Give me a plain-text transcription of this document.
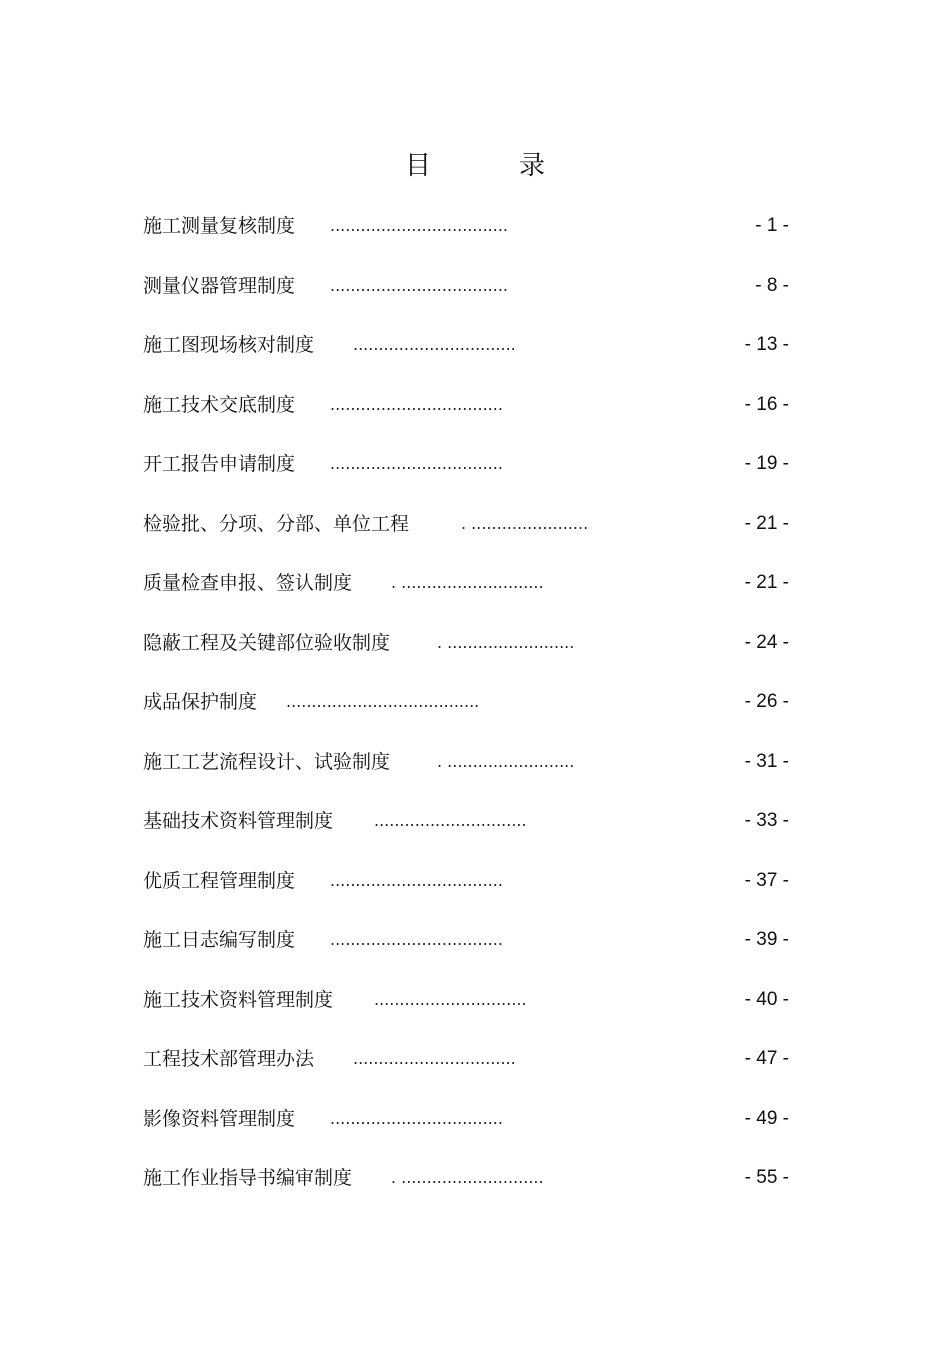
目	录
施工测量复核制度 ...................................	- 1 -
测量仪器管理制度 ...................................	- 8 -
施工图现场核对制度 ................................	- 13 -
施工技术交底制度 ..................................	- 16 -
开工报告申请制度 ..................................	- 19 -
检验批、分项、分部、单位工程	. .......................	- 21 -
质量检查申报、签认制度 . ............................	- 21 -
隐蔽工程及关键部位验收制度	. .........................	- 24 -
成品保护制度 ......................................	- 26 -
施工工艺流程设计、试验制度	. .........................	- 31 -
基础技术资料管理制度	..............................	- 33 -
优质工程管理制度 ..................................	- 37 -
施工日志编写制度 ..................................	- 39 -
施工技术资料管理制度	..............................	- 40 -
工程技术部管理办法 ................................	- 47 -
影像资料管理制度 ..................................	- 49 -
施工作业指导书编审制度 . ............................	- 55 -
